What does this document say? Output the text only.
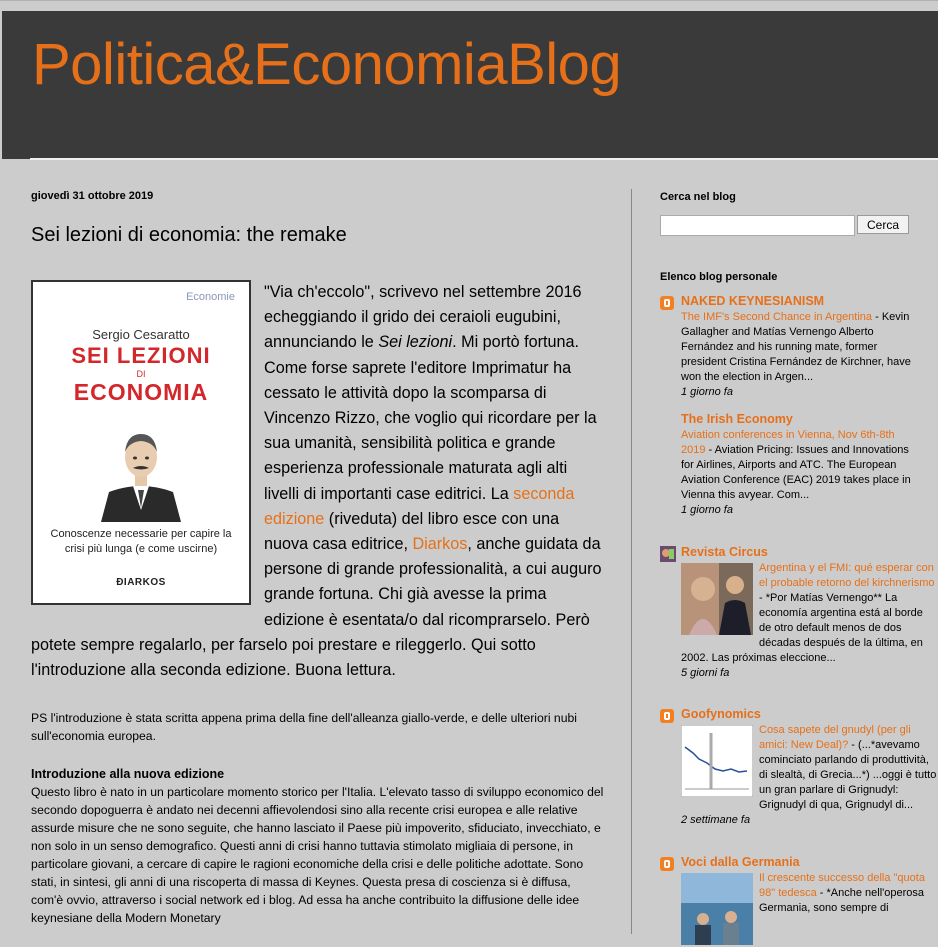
Politica&EconomiaBlog
giovedì 31 ottobre 2019
Sei lezioni di economia: the remake
Economie
Sergio Cesaratto
SEI LEZIONI
DI
ECONOMIA
Conoscenze necessarie per capire la crisi più lunga (e come uscirne)
ÐIARKOS
"Via ch'eccolo", scrivevo nel settembre 2016 echeggiando il grido dei ceraioli eugubini, annunciando le Sei lezioni. Mi portò fortuna. Come forse saprete l'editore Imprimatur ha cessato le attività dopo la scomparsa di Vincenzo Rizzo, che voglio qui ricordare per la sua umanità, sensibilità politica e grande esperienza professionale maturata agli alti livelli di importanti case editrici. La seconda edizione (riveduta) del libro esce con una nuova casa editrice, Diarkos, anche guidata da persone di grande professionalità, a cui auguro grande fortuna. Chi già avesse la prima edizione è esentata/o dal ricomprarselo. Però potete sempre regalarlo, per farselo poi prestare e rileggerlo. Qui sotto l'introduzione alla seconda edizione. Buona lettura.
PS l'introduzione è stata scritta appena prima della fine dell'alleanza giallo-verde, e delle ulteriori nubi sull'economia europea.
Introduzione alla nuova edizione
Questo libro è nato in un particolare momento storico per l'Italia. L'elevato tasso di sviluppo economico del secondo dopoguerra è andato nei decenni affievolendosi sino alla recente crisi europea e alle relative assurde misure che ne sono seguite, che hanno lasciato il Paese più impoverito, sfiduciato, invecchiato, e non solo in un senso demografico. Questi anni di crisi hanno tuttavia stimolato migliaia di persone, in particolare giovani, a cercare di capire le ragioni economiche della crisi e delle politiche adottate. Sono stati, in sintesi, gli anni di una riscoperta di massa di Keynes. Questa presa di coscienza si è diffusa, com'è ovvio, attraverso i social network ed i blog. Ad essa ha anche contribuito la diffusione delle idee keynesiane della Modern Monetary
Cerca nel blog
Cerca
Elenco blog personale
NAKED KEYNESIANISM
The IMF's Second Chance in Argentina - Kevin Gallagher and Matías Vernengo Alberto Fernández and his running mate, former president Cristina Fernández de Kirchner, have won the election in Argen...
1 giorno fa
The Irish Economy
Aviation conferences in Vienna, Nov 6th-8th 2019 - Aviation Pricing: Issues and Innovations for Airlines, Airports and ATC. The European Aviation Conference (EAC) 2019 takes place in Vienna this avyear. Com...
1 giorno fa
Revista Circus
Argentina y el FMI: qué esperar con el probable retorno del kirchnerismo - *Por Matías Vernengo** La economía argentina está al borde de otro default menos de dos décadas después de la última, en 2002. Las próximas eleccione...
5 giorni fa
Goofynomics
Cosa sapete del gnudyl (per gli amici: New Deal)? - (...*avevamo cominciato parlando di produttività, di slealtà, di Grecia...*) ...oggi è tutto un gran parlare di Grignudyl: Grignudyl di qua, Grignudyl di...
2 settimane fa
Voci dalla Germania
Il crescente successo della "quota 98" tedesca - *Anche nell'operosa Germania, sono sempre di
